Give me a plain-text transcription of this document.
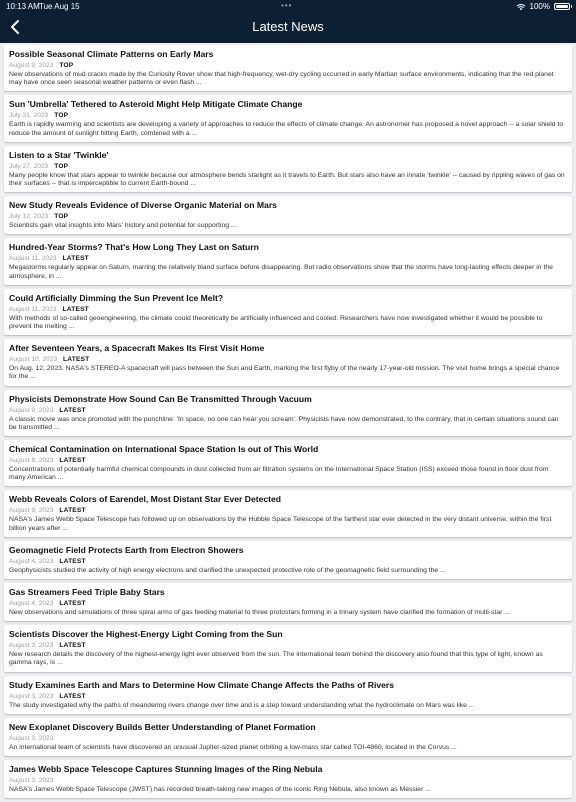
10:13 AM Tue Aug 15	•••	100%
Latest News
Possible Seasonal Climate Patterns on Early Mars
August 9, 2023 TOP
New observations of mud cracks made by the Curiosity Rover show that high-frequency, wet-dry cycling occurred in early Martian surface environments, indicating that the red planet may have once seen seasonal weather patterns or even flash ...
Sun 'Umbrella' Tethered to Asteroid Might Help Mitigate Climate Change
July 31, 2023 TOP
Earth is rapidly warming and scientists are developing a variety of approaches to reduce the effects of climate change. An astronomer has proposed a novel approach -- a solar shield to reduce the amount of sunlight hitting Earth, combined with a ...
Listen to a Star 'Twinkle'
July 27, 2023 TOP
Many people know that stars appear to twinkle because our atmosphere bends starlight as it travels to Earth. But stars also have an innate 'twinkle' -- caused by rippling waves of gas on their surfaces -- that is imperceptible to current Earth-bound ...
New Study Reveals Evidence of Diverse Organic Material on Mars
July 12, 2023 TOP
Scientists gain vital insights into Mars' history and potential for supporting ...
Hundred-Year Storms? That's How Long They Last on Saturn
August 11, 2023 LATEST
Megastorms regularly appear on Saturn, marring the relatively bland surface before disappearing. But radio observations show that the storms have long-lasting effects deeper in the atmosphere, in ...
Could Artificially Dimming the Sun Prevent Ice Melt?
August 11, 2023 LATEST
With methods of so-called geoengineering, the climate could theoretically be artificially influenced and cooled. Researchers have now investigated whether it would be possible to prevent the melting ...
After Seventeen Years, a Spacecraft Makes Its First Visit Home
August 10, 2023 LATEST
On Aug. 12, 2023, NASA's STEREO-A spacecraft will pass between the Sun and Earth, marking the first flyby of the nearly 17-year-old mission. The visit home brings a special chance for the ...
Physicists Demonstrate How Sound Can Be Transmitted Through Vacuum
August 9, 2023 LATEST
A classic movie was once promoted with the punchline: 'In space, no one can hear you scream'. Physicists have now demonstrated, to the contrary, that in certain situations sound can be transmitted ...
Chemical Contamination on International Space Station Is out of This World
August 8, 2023 LATEST
Concentrations of potentially harmful chemical compounds in dust collected from air filtration systems on the International Space Station (ISS) exceed those found in floor dust from many American ...
Webb Reveals Colors of Earendel, Most Distant Star Ever Detected
August 9, 2023 LATEST
NASA's James Webb Space Telescope has followed up on observations by the Hubble Space Telescope of the farthest star ever detected in the very distant universe, within the first billion years after ...
Geomagnetic Field Protects Earth from Electron Showers
August 4, 2023 LATEST
Geophysicists studied the activity of high energy electrons and clarified the unexpected protective role of the geomagnetic field surrounding the ...
Gas Streamers Feed Triple Baby Stars
August 4, 2023 LATEST
New observations and simulations of three spiral arms of gas feeding material to three protostars forming in a trinary system have clarified the formation of multi-star ...
Scientists Discover the Highest-Energy Light Coming from the Sun
August 3, 2023 LATEST
New research details the discovery of the highest-energy light ever observed from the sun. The international team behind the discovery also found that this type of light, known as gamma rays, is ...
Study Examines Earth and Mars to Determine How Climate Change Affects the Paths of Rivers
August 3, 2023 LATEST
The study investigated why the paths of meandering rivers change over time and is a step toward understanding what the hydroclimate on Mars was like ...
New Exoplanet Discovery Builds Better Understanding of Planet Formation
August 3, 2023
An international team of scientists have discovered an unusual Jupiter-sized planet orbiting a low-mass star called TOI-4860, located in the Corvus ...
James Webb Space Telescope Captures Stunning Images of the Ring Nebula
August 3, 2023
NASA's James Webb Space Telescope (JWST) has recorded breath-taking new images of the iconic Ring Nebula, also known as Messier ...
